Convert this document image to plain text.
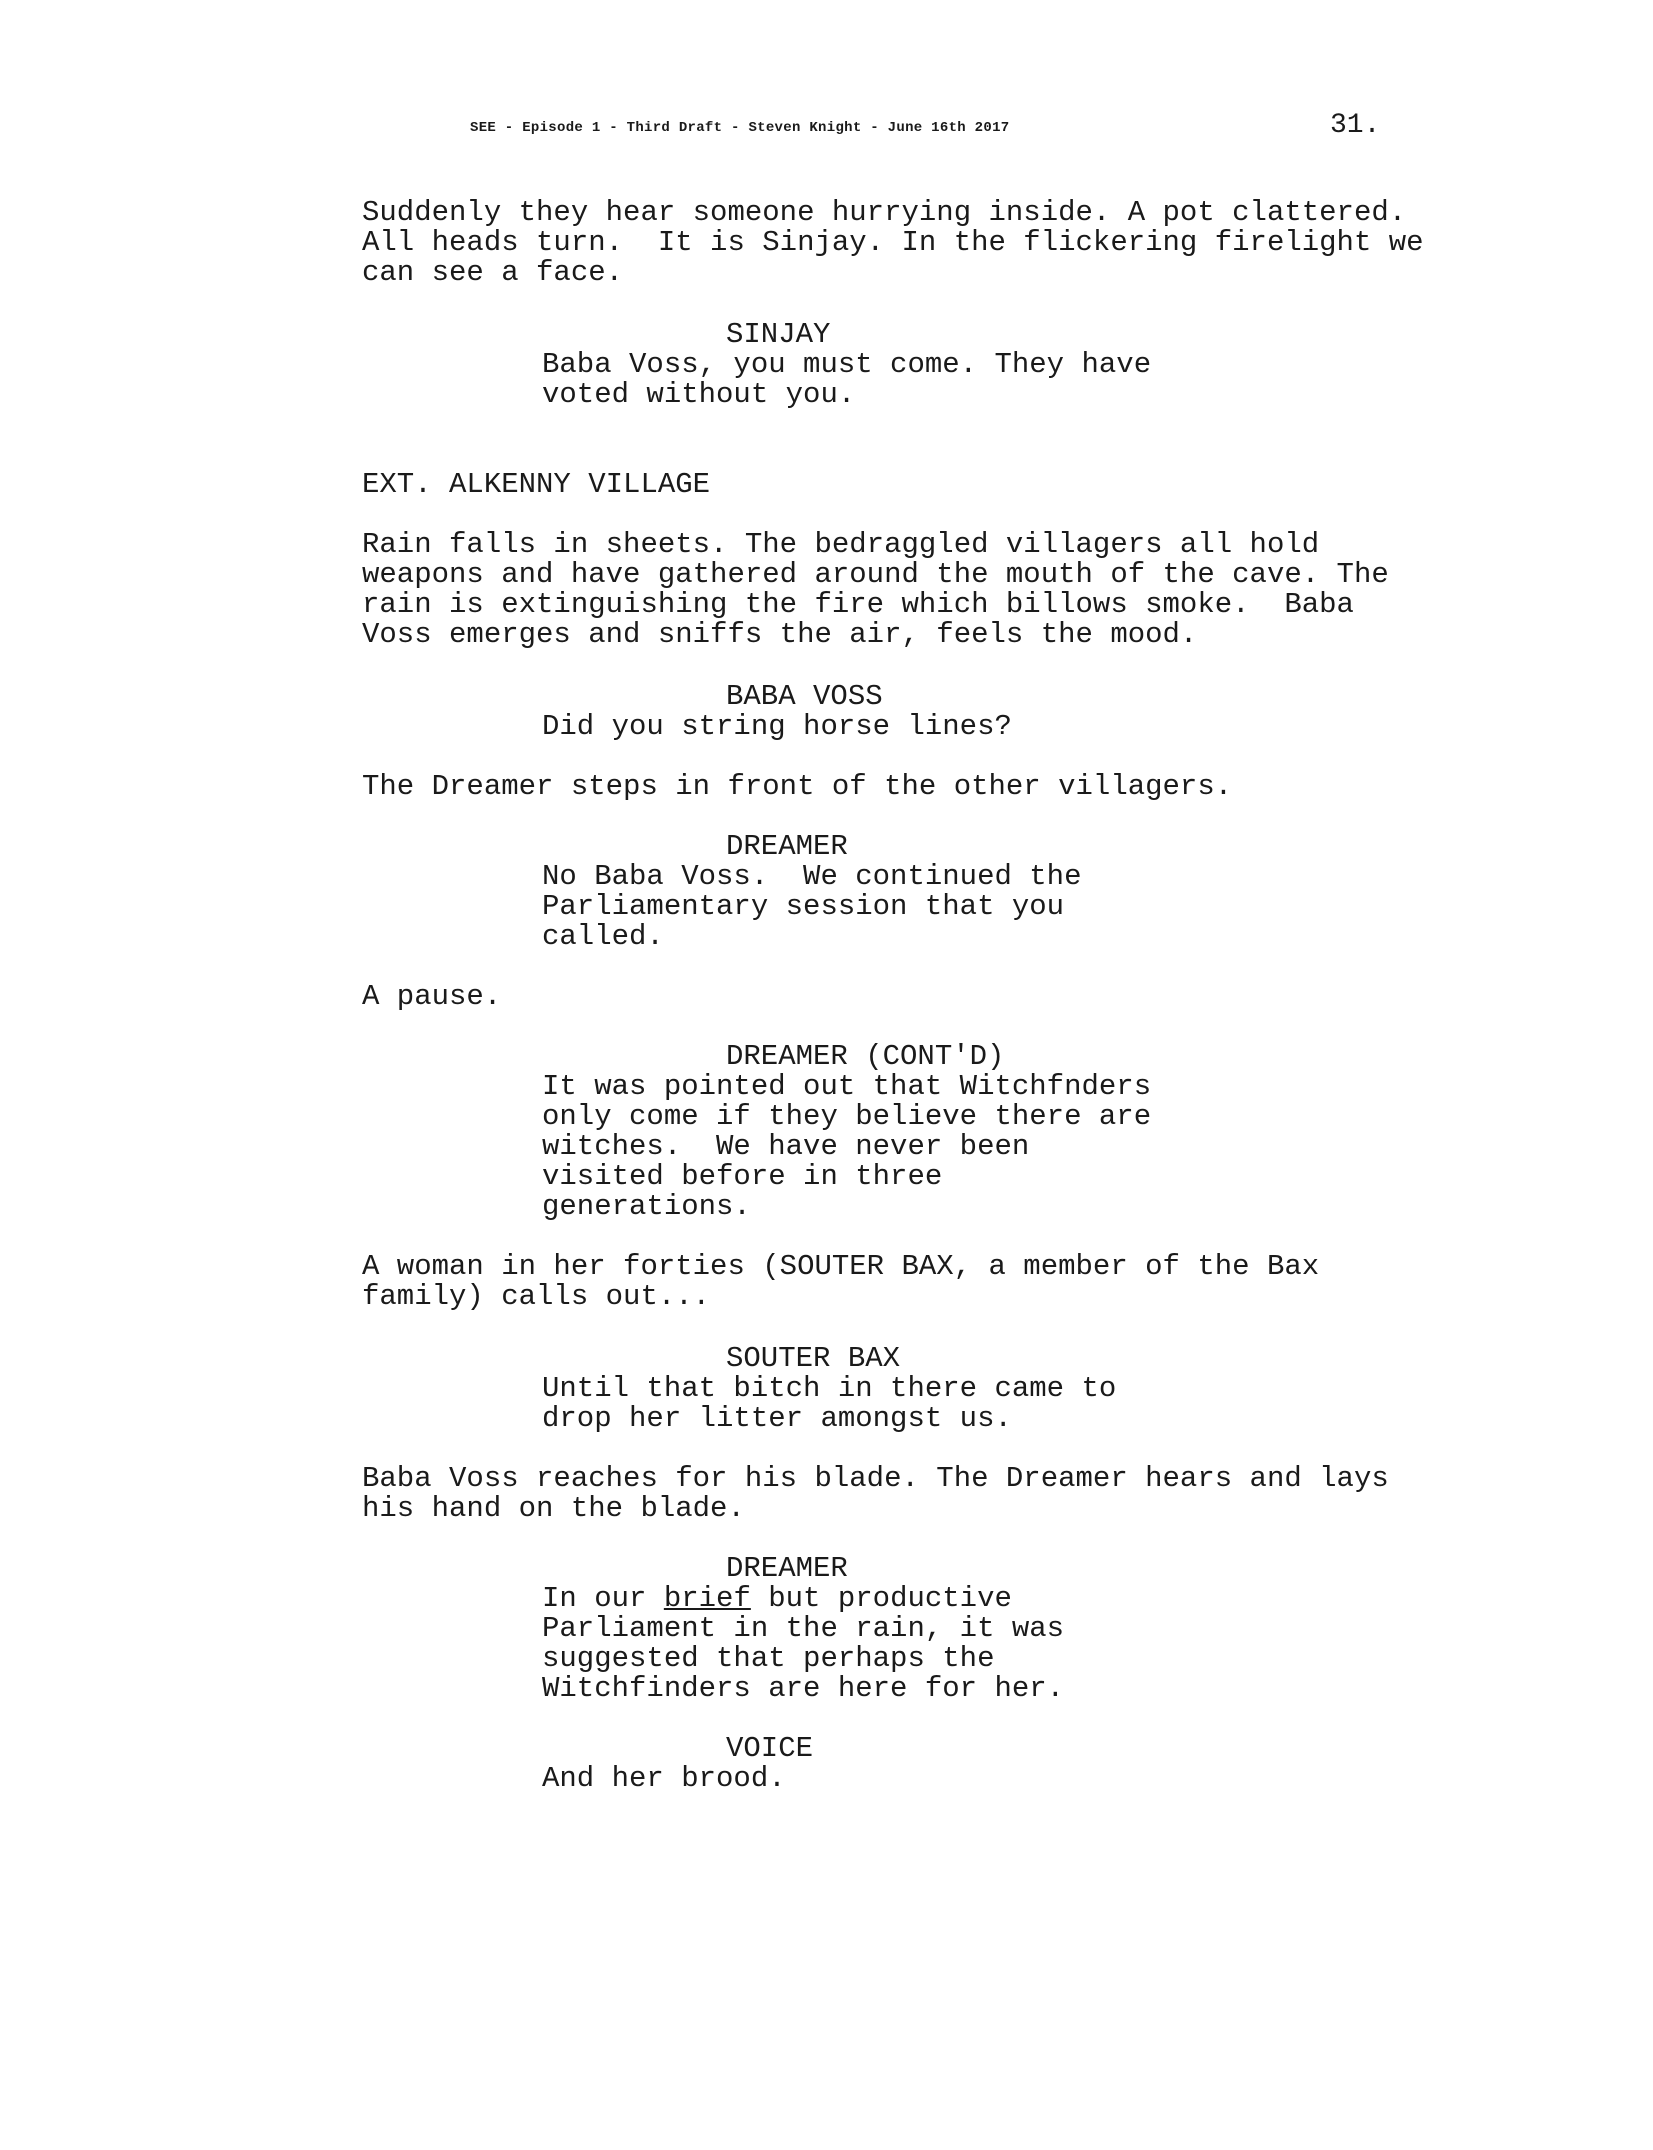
SEE - Episode 1 - Third Draft - Steven Knight - June 16th 2017	31.
Suddenly they hear someone hurrying inside. A pot clattered.
All heads turn.  It is Sinjay. In the flickering firelight we
can see a face.
SINJAY
Baba Voss, you must come. They have
voted without you.
EXT. ALKENNY VILLAGE
Rain falls in sheets. The bedraggled villagers all hold
weapons and have gathered around the mouth of the cave. The
rain is extinguishing the fire which billows smoke.  Baba
Voss emerges and sniffs the air, feels the mood.
BABA VOSS
Did you string horse lines?
The Dreamer steps in front of the other villagers.
DREAMER
No Baba Voss.  We continued the
Parliamentary session that you
called.
A pause.
DREAMER (CONT'D)
It was pointed out that Witchfnders
only come if they believe there are
witches.  We have never been
visited before in three
generations.
A woman in her forties (SOUTER BAX, a member of the Bax
family) calls out...
SOUTER BAX
Until that bitch in there came to
drop her litter amongst us.
Baba Voss reaches for his blade. The Dreamer hears and lays
his hand on the blade.
DREAMER
In our brief but productive
Parliament in the rain, it was
suggested that perhaps the
Witchfinders are here for her.
VOICE
And her brood.
